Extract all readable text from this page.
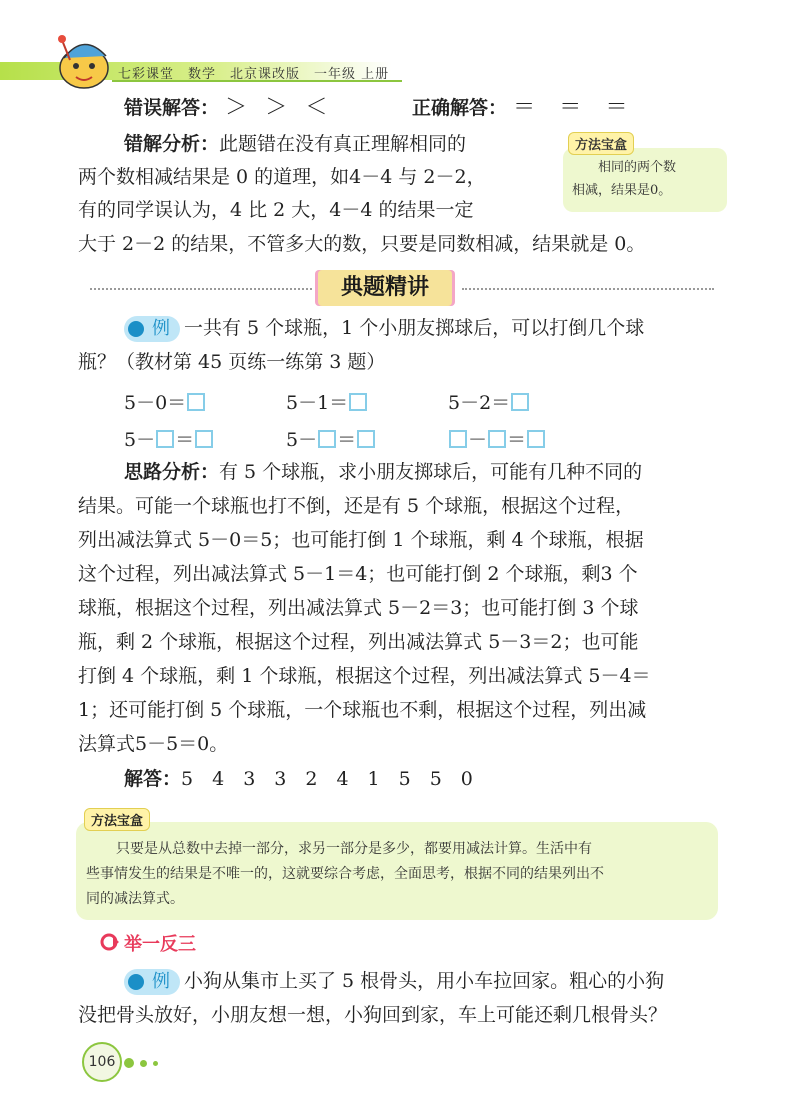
七彩课堂　数学　北京课改版　一年级 上册
错误解答： ＞ ＞ ＜	正确解答： ＝ ＝ ＝
错解分析：此题错在没有真正理解相同的
两个数相减结果是 0 的道理，如4－4 与 2－2，
有的同学误认为，4 比 2 大，4－4 的结果一定
大于 2－2 的结果，不管多大的数，只要是同数相减，结果就是 0。
方法宝盒
相同的两个数
相减，结果是0。
典题精讲
例 一共有 5 个球瓶，1 个小朋友掷球后，可以打倒几个球
瓶？（教材第 45 页练一练第 3 题）
5－0＝	5－1＝	5－2＝
5－ ＝	5－ ＝	－ ＝
思路分析：有 5 个球瓶，求小朋友掷球后，可能有几种不同的
结果。可能一个球瓶也打不倒，还是有 5 个球瓶，根据这个过程，
列出减法算式 5－0＝5；也可能打倒 1 个球瓶，剩 4 个球瓶，根据
这个过程，列出减法算式 5－1＝4；也可能打倒 2 个球瓶，剩3 个
球瓶，根据这个过程，列出减法算式 5－2＝3；也可能打倒 3 个球
瓶，剩 2 个球瓶，根据这个过程，列出减法算式 5－3＝2；也可能
打倒 4 个球瓶，剩 1 个球瓶，根据这个过程，列出减法算式 5－4＝
1；还可能打倒 5 个球瓶，一个球瓶也不剩，根据这个过程，列出减
法算式5－5＝0。
解答：5　4　3　3　2　4　1　5　5　0
方法宝盒
只要是从总数中去掉一部分，求另一部分是多少，都要用减法计算。生活中有
些事情发生的结果是不唯一的，这就要综合考虑，全面思考，根据不同的结果列出不
同的减法算式。
举一反三
例 小狗从集市上买了 5 根骨头，用小车拉回家。粗心的小狗
没把骨头放好，小朋友想一想，小狗回到家，车上可能还剩几根骨头？
106
